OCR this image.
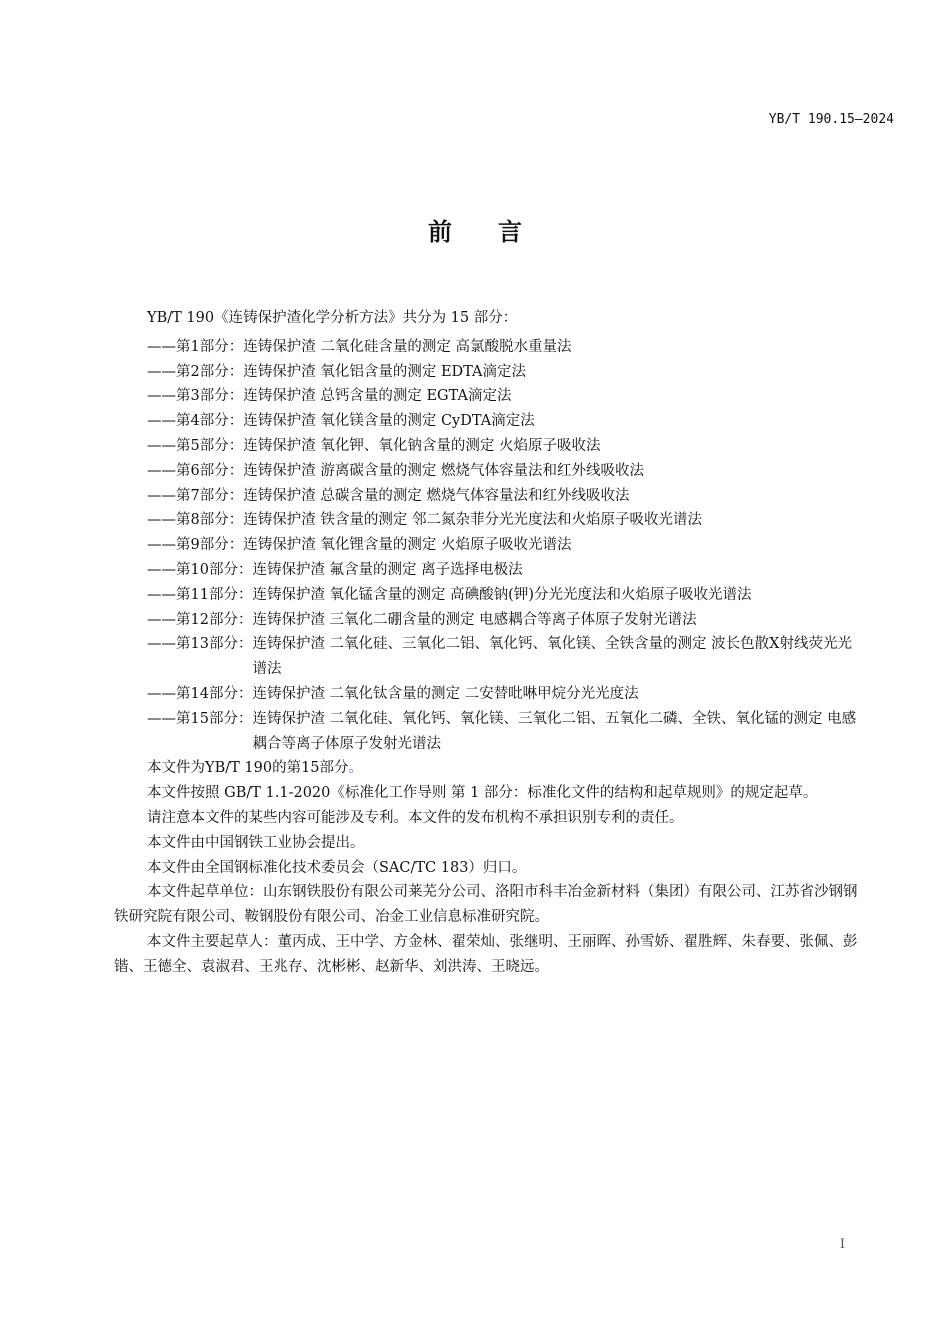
YB/T 190.15—2024
前言

YB/T 190《连铸保护渣化学分析方法》共分为 15 部分：

——第1部分： 连铸保护渣 二氧化硅含量的测定 高氯酸脱水重量法
——第2部分： 连铸保护渣 氧化铝含量的测定 EDTA滴定法
——第3部分： 连铸保护渣 总钙含量的测定 EGTA滴定法
——第4部分： 连铸保护渣 氧化镁含量的测定 CyDTA滴定法
——第5部分： 连铸保护渣 氧化钾、氧化钠含量的测定 火焰原子吸收法
——第6部分： 连铸保护渣 游离碳含量的测定 燃烧气体容量法和红外线吸收法
——第7部分： 连铸保护渣 总碳含量的测定 燃烧气体容量法和红外线吸收法
——第8部分： 连铸保护渣 铁含量的测定 邻二氮杂菲分光光度法和火焰原子吸收光谱法
——第9部分： 连铸保护渣 氧化锂含量的测定 火焰原子吸收光谱法
——第10部分： 连铸保护渣 氟含量的测定 离子选择电极法
——第11部分： 连铸保护渣 氧化锰含量的测定 高碘酸钠(钾)分光光度法和火焰原子吸收光谱法
——第12部分： 连铸保护渣 三氧化二硼含量的测定 电感耦合等离子体原子发射光谱法
——第13部分： 连铸保护渣 二氧化硅、三氧化二铝、氧化钙、氧化镁、全铁含量的测定 波长色散X射线荧光光谱法
——第14部分： 连铸保护渣 二氧化钛含量的测定 二安替吡啉甲烷分光光度法
——第15部分： 连铸保护渣 二氧化硅、氧化钙、氧化镁、三氧化二铝、五氧化二磷、全铁、氧化锰的测定 电感耦合等离子体原子发射光谱法

本文件为YB/T 190的第15部分。

本文件按照 GB/T 1.1-2020《标准化工作导则 第 1 部分：标准化文件的结构和起草规则》的规定起草。

请注意本文件的某些内容可能涉及专利。本文件的发布机构不承担识别专利的责任。

本文件由中国钢铁工业协会提出。

本文件由全国钢标准化技术委员会（SAC/TC 183）归口。

本文件起草单位：山东钢铁股份有限公司莱芜分公司、洛阳市科丰冶金新材料（集团）有限公司、江苏省沙钢钢铁研究院有限公司、鞍钢股份有限公司、冶金工业信息标准研究院。

本文件主要起草人：董丙成、王中学、方金林、翟荣灿、张继明、王丽晖、孙雪娇、翟胜辉、朱春要、张佩、彭锴、王德全、袁淑君、王兆存、沈彬彬、赵新华、刘洪涛、王晓远。

I
